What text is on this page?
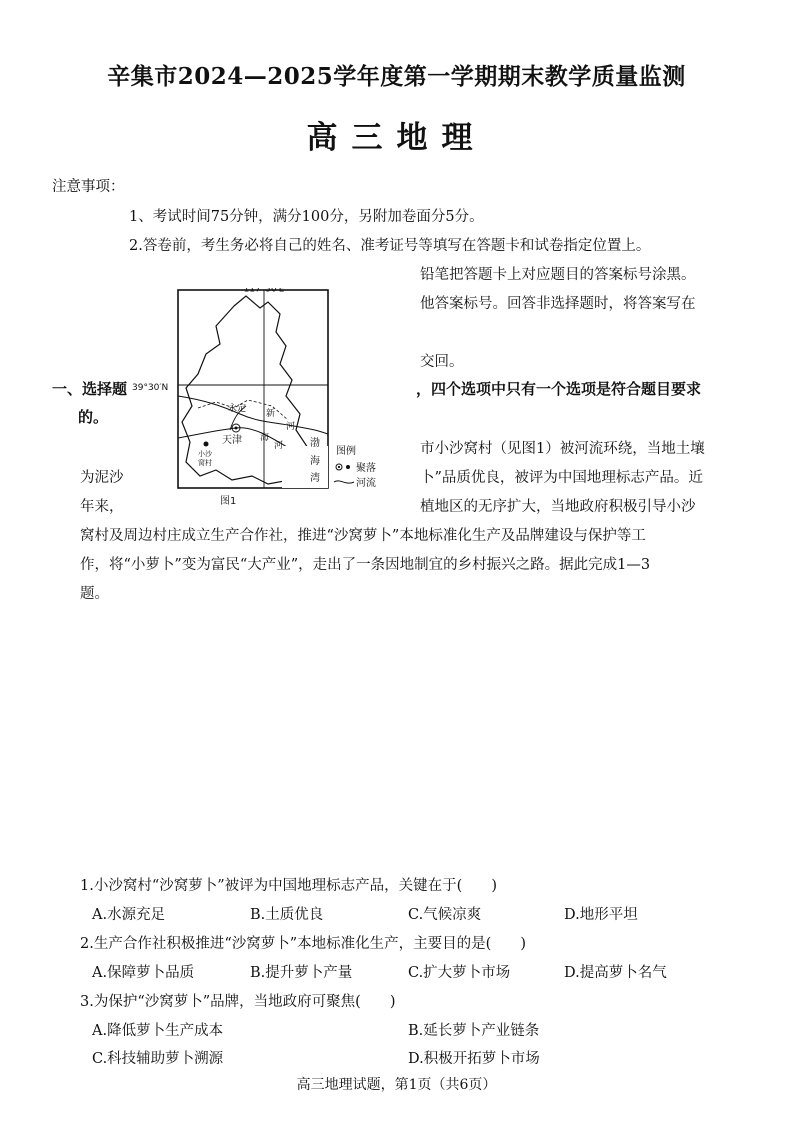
辛集市2024—2025学年度第一学期期末教学质量监测
高三地理
注意事项：
1、考试时间75分钟，满分100分，另附加卷面分5分。
2.答卷前，考生务必将自己的姓名、准考证号等填写在答题卡和试卷指定位置上。
铅笔把答题卡上对应题目的答案标号涂黑。
他答案标号。回答非选择题时，将答案写在
交回。
一、选择题	，四个选项中只有一个选项是符合题目要求
的。
市小沙窝村（见图1）被河流环绕，当地土壤
为泥沙	卜”品质优良，被评为中国地理标志产品。近
年来，	植地区的无序扩大，当地政府积极引导小沙
窝村及周边村庄成立生产合作社，推进“沙窝萝卜”本地标准化生产及品牌建设与保护等工
作，将“小萝卜”变为富民“大产业”，走出了一条因地制宜的乡村振兴之路。据此完成1—3
题。
117°30′E
天津
小沙
窝村
永定 新
河
海
河	渤
海
湾
图例
聚落
河流
图1
39°30′N
1.小沙窝村“沙窝萝卜”被评为中国地理标志产品，关键在于(　　)
A.水源充足	B.土质优良	C.气候凉爽	D.地形平坦
2.生产合作社积极推进“沙窝萝卜”本地标准化生产，主要目的是(　　)
A.保障萝卜品质	B.提升萝卜产量	C.扩大萝卜市场	D.提高萝卜名气
3.为保护“沙窝萝卜”品牌，当地政府可聚焦(　　)
A.降低萝卜生产成本	B.延长萝卜产业链条
C.科技辅助萝卜溯源	D.积极开拓萝卜市场
高三地理试题，第1页（共6页）
